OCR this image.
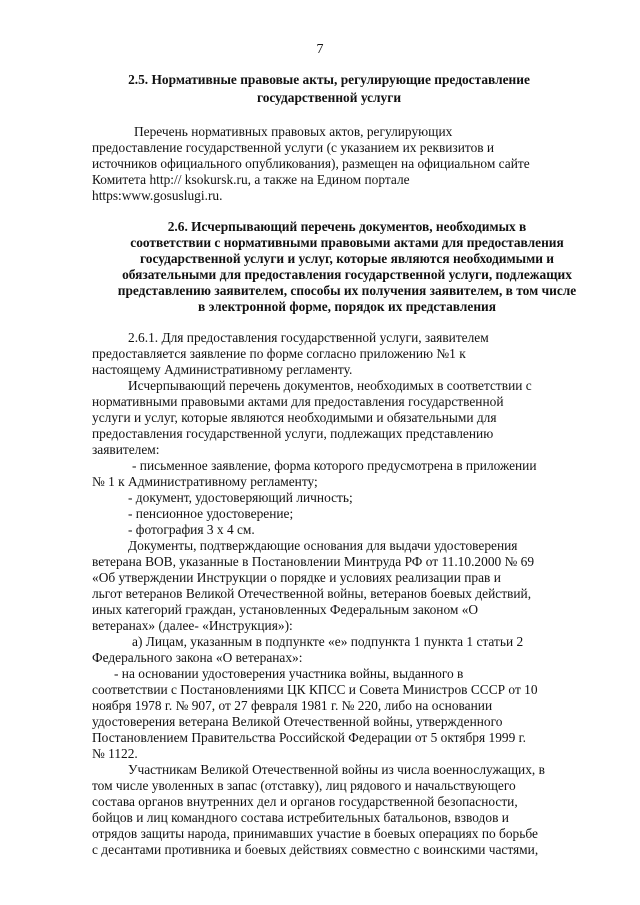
7
2.5. Нормативные правовые акты, регулирующие предоставление
государственной услуги
Перечень нормативных правовых актов, регулирующих
предоставление государственной услуги (с указанием их реквизитов и
источников официального опубликования), размещен на официальном сайте
Комитета http:// ksokursk.ru, а также на Едином портале
https:www.gosuslugi.ru.
2.6. Исчерпывающий перечень документов, необходимых в
соответствии с нормативными правовыми актами для предоставления
государственной услуги и услуг, которые являются необходимыми и
обязательными для предоставления государственной услуги, подлежащих
представлению заявителем, способы их получения заявителем, в том числе
в электронной форме, порядок их представления
2.6.1. Для предоставления государственной услуги, заявителем
предоставляется заявление по форме согласно приложению №1 к
настоящему Административному регламенту.
Исчерпывающий перечень документов, необходимых в соответствии с
нормативными правовыми актами для предоставления государственной
услуги и услуг, которые являются необходимыми и обязательными для
предоставления государственной услуги, подлежащих представлению
заявителем:
- письменное заявление, форма которого предусмотрена в приложении
№ 1 к Административному регламенту;
- документ, удостоверяющий личность;
- пенсионное удостоверение;
- фотография 3 х 4 см.
Документы, подтверждающие основания для выдачи удостоверения
ветерана ВОВ, указанные в Постановлении Минтруда РФ от 11.10.2000 № 69
«Об утверждении Инструкции о порядке и условиях реализации прав и
льгот ветеранов Великой Отечественной войны, ветеранов боевых действий,
иных категорий граждан, установленных Федеральным законом «О
ветеранах» (далее- «Инструкция»):
а) Лицам, указанным в подпункте «е» подпункта 1 пункта 1 статьи 2
Федерального закона «О ветеранах»:
- на основании удостоверения участника войны, выданного в
соответствии с Постановлениями ЦК КПСС и Совета Министров СССР от 10
ноября 1978 г. № 907, от 27 февраля 1981 г. № 220, либо на основании
удостоверения ветерана Великой Отечественной войны, утвержденного
Постановлением Правительства Российской Федерации от 5 октября 1999 г.
№ 1122.
Участникам Великой Отечественной войны из числа военнослужащих, в
том числе уволенных в запас (отставку), лиц рядового и начальствующего
состава органов внутренних дел и органов государственной безопасности,
бойцов и лиц командного состава истребительных батальонов, взводов и
отрядов защиты народа, принимавших участие в боевых операциях по борьбе
с десантами противника и боевых действиях совместно с воинскими частями,
